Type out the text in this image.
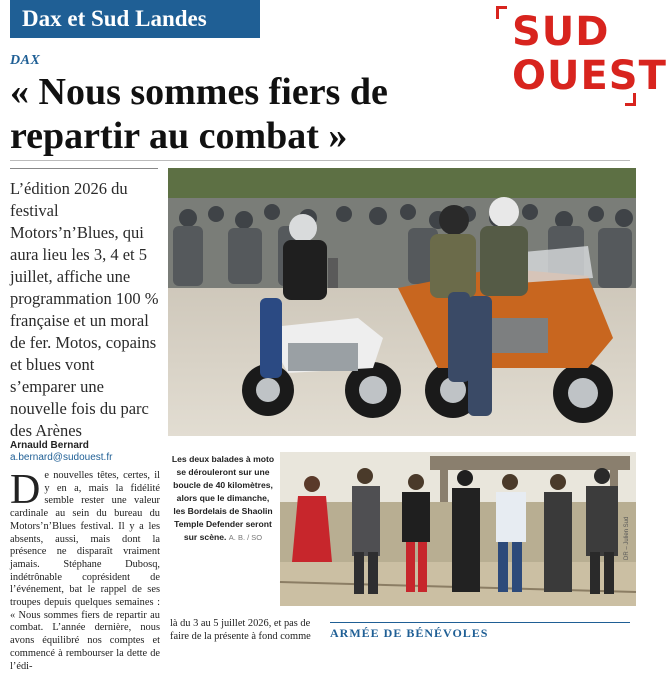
Dax et Sud Landes	SUD
OUEST
DAX
« Nous sommes fiers de repartir au combat »
L’édition 2026 du festival Motors’n’Blues, qui aura lieu les 3, 4 et 5 juillet, affiche une programmation 100 % française et un moral de fer. Motos, copains et blues vont s’emparer une nouvelle fois du parc des Arènes
Arnauld Bernard
a.bernard@sudouest.fr
D e nouvelles têtes, certes, il y en a, mais la fidélité semble rester une valeur cardinale au sein du bureau du Motors’n’Blues festival. Il y a les absents, aussi, mais dont la présence ne disparaît vraiment jamais. Stéphane Dubosq, indétrônable coprésident de l’événement, bat le rappel de ses troupes depuis quelques semaines : « Nous sommes fiers de repartir au combat. L’année dernière, nous avons équilibré nos comptes et commencé à rembourser la dette de l’édi-
Les deux balades à moto se dérouleront sur une boucle de 40 kilomètres, alors que le dimanche, les Bordelais de Shaolin Temple Defender seront sur scène. A. B. / SO	DR – Julien Sud
là du 3 au 5 juillet 2026, et pas de faire de la présente à fond comme	ARMÉE DE BÉNÉVOLES
